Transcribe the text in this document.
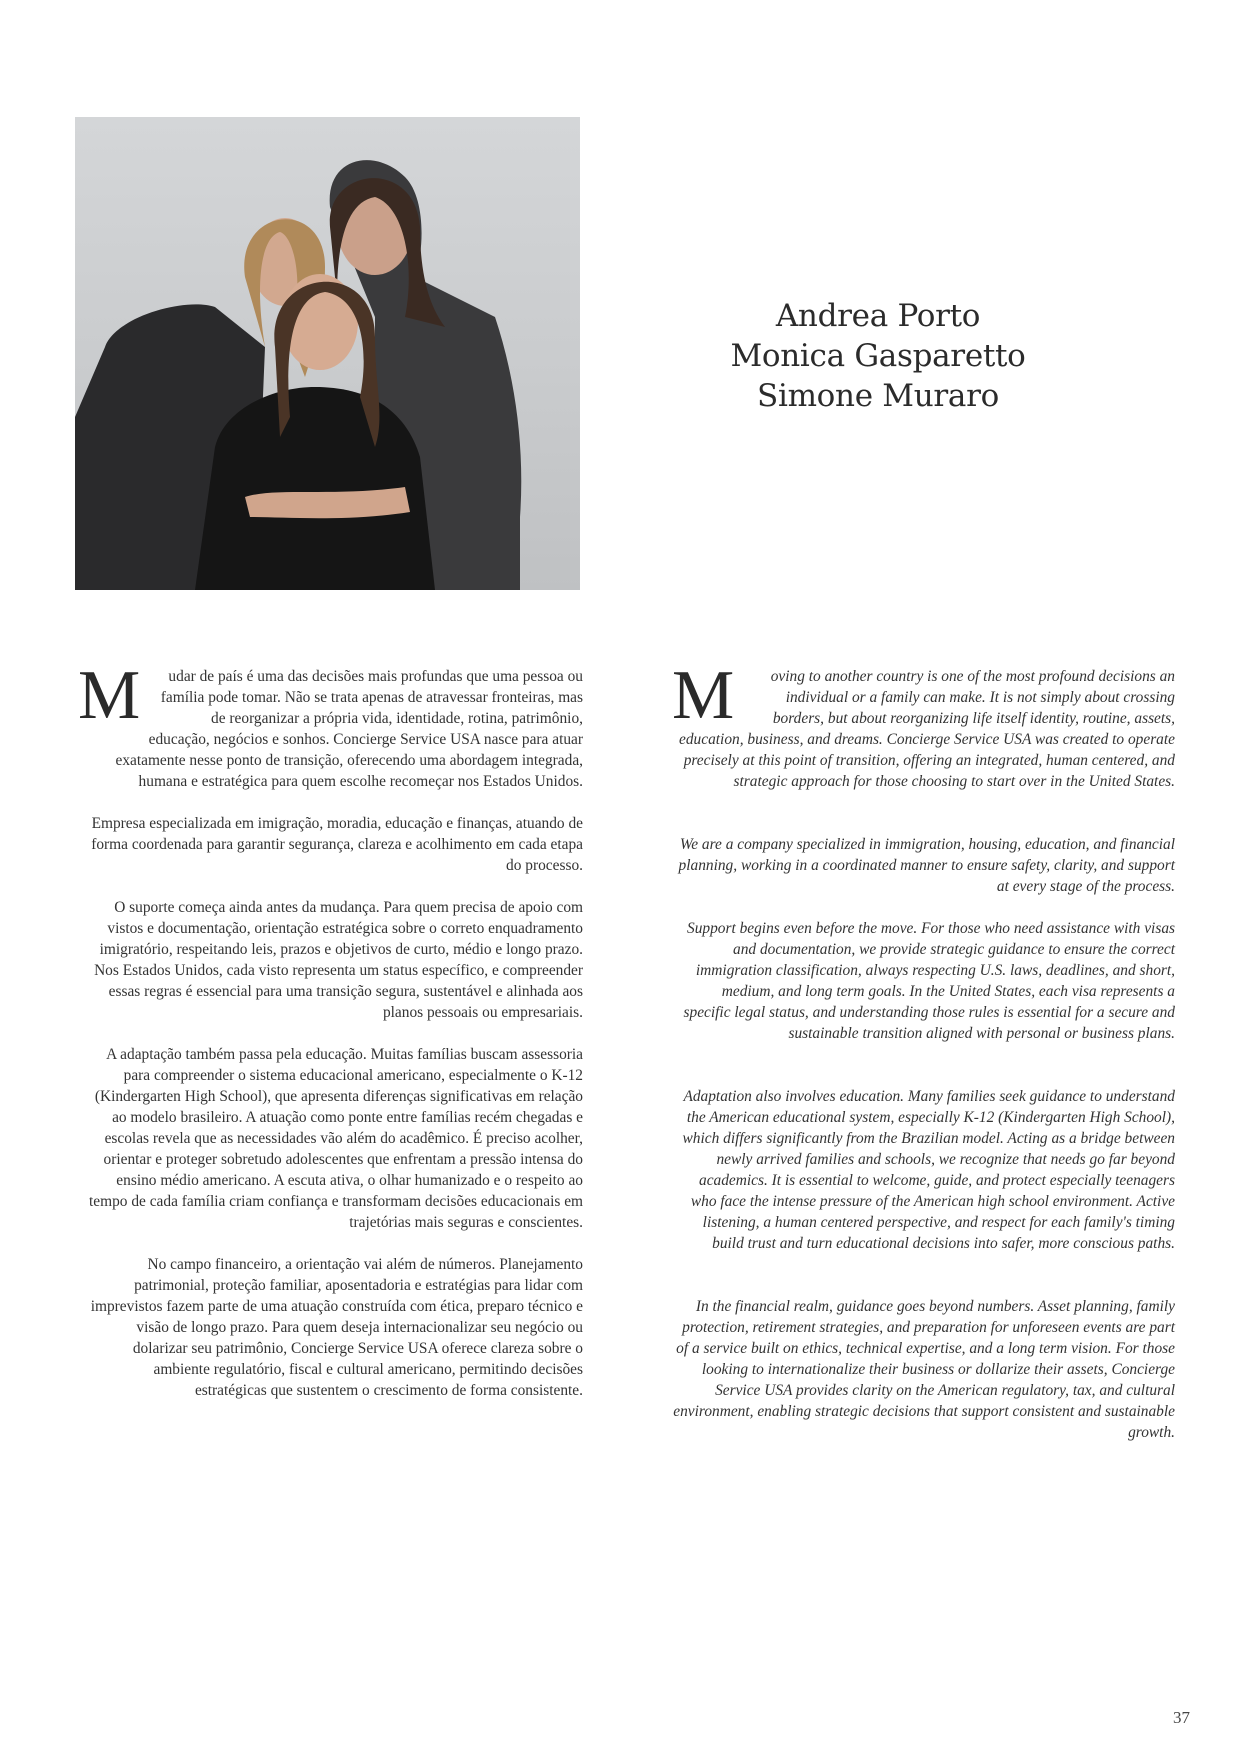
Andrea Porto
Monica Gasparetto
Simone Muraro

M udar de país é uma das decisões mais profundas que uma pessoa ou família pode tomar. Não se trata apenas de atravessar fronteiras, mas de reorganizar a própria vida, identidade, rotina, patrimônio, educação, negócios e sonhos. Concierge Service USA nasce para atuar exatamente nesse ponto de transição, oferecendo uma abordagem integrada, humana e estratégica para quem escolhe recomeçar nos Estados Unidos.

Empresa especializada em imigração, moradia, educação e finanças, atuando de forma coordenada para garantir segurança, clareza e acolhimento em cada etapa do processo.

O suporte começa ainda antes da mudança. Para quem precisa de apoio com vistos e documentação, orientação estratégica sobre o correto enquadramento imigratório, respeitando leis, prazos e objetivos de curto, médio e longo prazo. Nos Estados Unidos, cada visto representa um status específico, e compreender essas regras é essencial para uma transição segura, sustentável e alinhada aos planos pessoais ou empresariais.

A adaptação também passa pela educação. Muitas famílias buscam assessoria para compreender o sistema educacional americano, especialmente o K-12 (Kindergarten High School), que apresenta diferenças significativas em relação ao modelo brasileiro. A atuação como ponte entre famílias recém chegadas e escolas revela que as necessidades vão além do acadêmico. É preciso acolher, orientar e proteger sobretudo adolescentes que enfrentam a pressão intensa do ensino médio americano. A escuta ativa, o olhar humanizado e o respeito ao tempo de cada família criam confiança e transformam decisões educacionais em trajetórias mais seguras e conscientes.

No campo financeiro, a orientação vai além de números. Planejamento patrimonial, proteção familiar, aposentadoria e estratégias para lidar com imprevistos fazem parte de uma atuação construída com ética, preparo técnico e visão de longo prazo. Para quem deseja internacionalizar seu negócio ou dolarizar seu patrimônio, Concierge Service USA oferece clareza sobre o ambiente regulatório, fiscal e cultural americano, permitindo decisões estratégicas que sustentem o crescimento de forma consistente.

M oving to another country is one of the most profound decisions an individual or a family can make. It is not simply about crossing borders, but about reorganizing life itself identity, routine, assets, education, business, and dreams. Concierge Service USA was created to operate precisely at this point of transition, offering an integrated, human centered, and strategic approach for those choosing to start over in the United States.

We are a company specialized in immigration, housing, education, and financial planning, working in a coordinated manner to ensure safety, clarity, and support at every stage of the process.

Support begins even before the move. For those who need assistance with visas and documentation, we provide strategic guidance to ensure the correct immigration classification, always respecting U.S. laws, deadlines, and short, medium, and long term goals. In the United States, each visa represents a specific legal status, and understanding those rules is essential for a secure and sustainable transition aligned with personal or business plans.

Adaptation also involves education. Many families seek guidance to understand the American educational system, especially K-12 (Kindergarten High School), which differs significantly from the Brazilian model. Acting as a bridge between newly arrived families and schools, we recognize that needs go far beyond academics. It is essential to welcome, guide, and protect especially teenagers who face the intense pressure of the American high school environment. Active listening, a human centered perspective, and respect for each family's timing build trust and turn educational decisions into safer, more conscious paths.

In the financial realm, guidance goes beyond numbers. Asset planning, family protection, retirement strategies, and preparation for unforeseen events are part of a service built on ethics, technical expertise, and a long term vision. For those looking to internationalize their business or dollarize their assets, Concierge Service USA provides clarity on the American regulatory, tax, and cultural environment, enabling strategic decisions that support consistent and sustainable growth.

37
